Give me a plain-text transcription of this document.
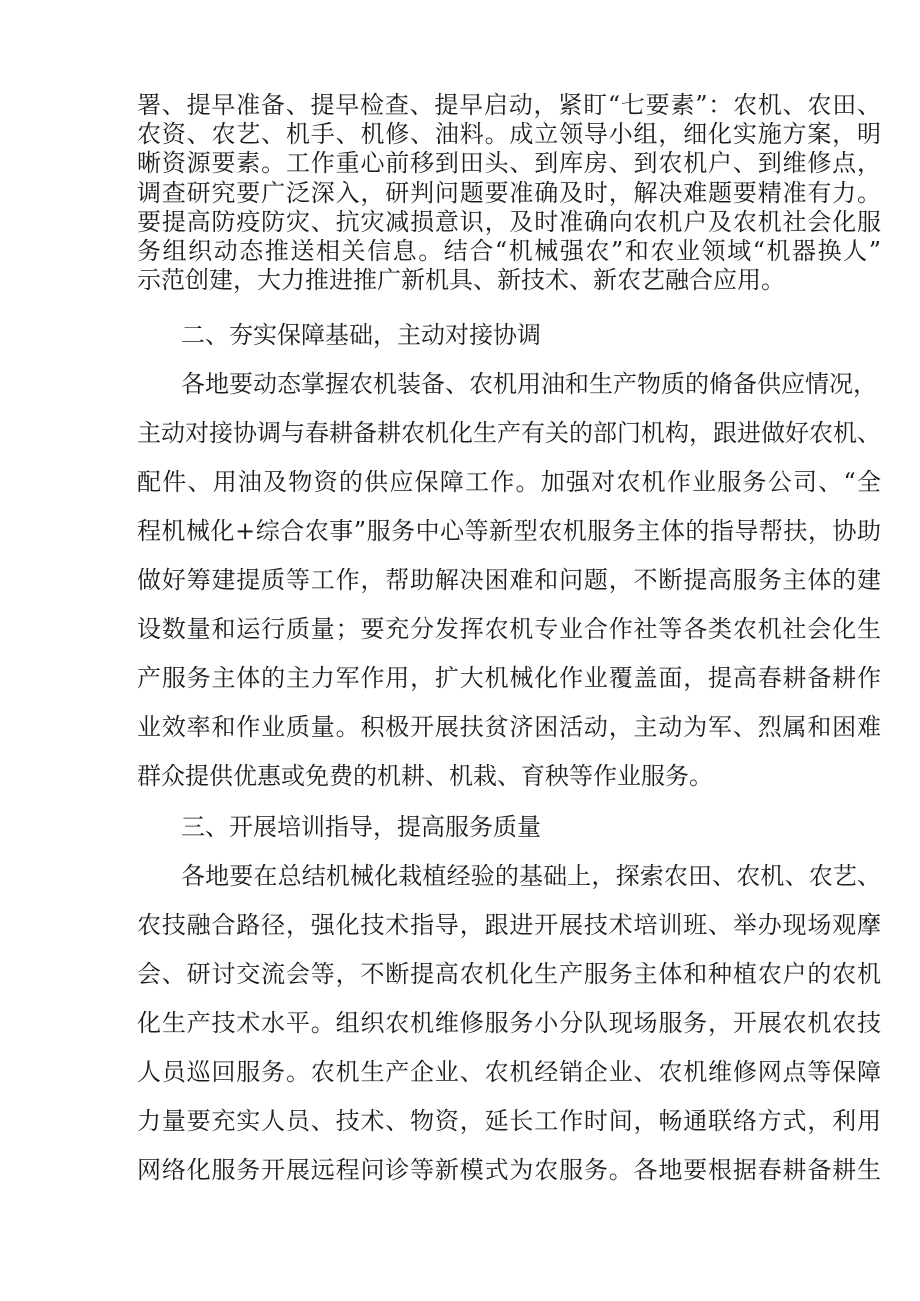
署、提早准备、提早检查、提早启动，紧盯“七要素”：农机、农田、
农资、农艺、机手、机修、油料。成立领导小组，细化实施方案，明
晰资源要素。工作重心前移到田头、到库房、到农机户、到维修点，
调查研究要广泛深入，研判问题要准确及时，解决难题要精准有力。
要提高防疫防灾、抗灾减损意识，及时准确向农机户及农机社会化服
务组织动态推送相关信息。结合“机械强农”和农业领域“机器换人”
示范创建，大力推进推广新机具、新技术、新农艺融合应用。
二、夯实保障基础，主动对接协调
各地要动态掌握农机装备、农机用油和生产物质的脩备供应情况，
主动对接协调与春耕备耕农机化生产有关的部门机构，跟进做好农机、
配件、用油及物资的供应保障工作。加强对农机作业服务公司、“全
程机械化+综合农事”服务中心等新型农机服务主体的指导帮扶，协助
做好筹建提质等工作，帮助解决困难和问题，不断提高服务主体的建
设数量和运行质量；要充分发挥农机专业合作社等各类农机社会化生
产服务主体的主力军作用，扩大机械化作业覆盖面，提高春耕备耕作
业效率和作业质量。积极开展扶贫济困活动，主动为军、烈属和困难
群众提供优惠或免费的机耕、机栽、育秧等作业服务。
三、开展培训指导，提高服务质量
各地要在总结机械化栽植经验的基础上，探索农田、农机、农艺、
农技融合路径，强化技术指导，跟进开展技术培训班、举办现场观摩
会、研讨交流会等，不断提高农机化生产服务主体和种植农户的农机
化生产技术水平。组织农机维修服务小分队现场服务，开展农机农技
人员巡回服务。农机生产企业、农机经销企业、农机维修网点等保障
力量要充实人员、技术、物资，延长工作时间，畅通联络方式，利用
网络化服务开展远程问诊等新模式为农服务。各地要根据春耕备耕生
